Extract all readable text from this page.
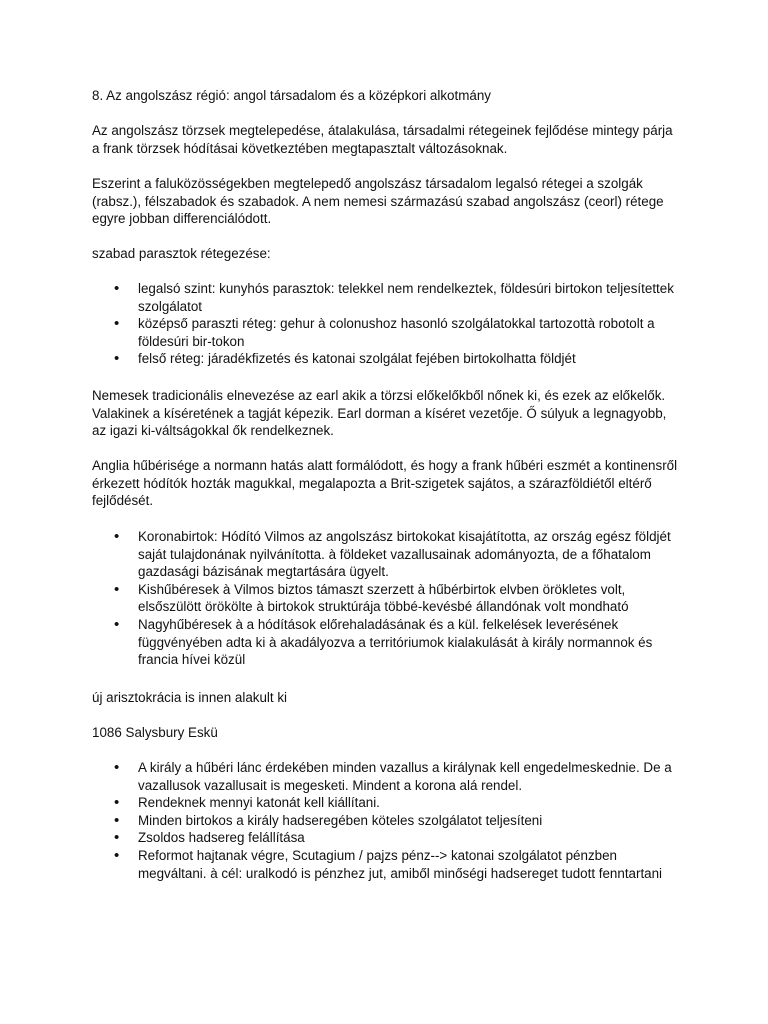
8. Az angolszász régió: angol társadalom és a középkori alkotmány

Az angolszász törzsek megtelepedése, átalakulása, társadalmi rétegeinek fejlődése mintegy párja a frank törzsek hódításai következtében megtapasztalt változásoknak.

Eszerint a faluközösségekben megtelepedő angolszász társadalom legalsó rétegei a szolgák (rabsz.), félszabadok és szabadok. A nem nemesi származású szabad angolszász (ceorl) rétege egyre jobban differenciálódott.

szabad parasztok rétegezése:

• legalsó szint: kunyhós parasztok: telekkel nem rendelkeztek, földesúri birtokon teljesítettek szolgálatot
• középső paraszti réteg: gehur à colonushoz hasonló szolgálatokkal tartozottà robotolt a földesúri bir-tokon
• felső réteg: járadékfizetés és katonai szolgálat fejében birtokolhatta földjét

Nemesek tradicionális elnevezése az earl akik a törzsi előkelőkből nőnek ki, és ezek az előkelők. Valakinek a kíséretének a tagját képezik. Earl dorman a kíséret vezetője. Ő súlyuk a legnagyobb, az igazi ki-váltságokkal ők rendelkeznek.

Anglia hűbérisége a normann hatás alatt formálódott, és hogy a frank hűbéri eszmét a kontinensről érkezett hódítók hozták magukkal, megalapozta a Brit-szigetek sajátos, a szárazföldiétől eltérő fejlődését.

• Koronabirtok: Hódító Vilmos az angolszász birtokokat kisajátította, az ország egész földjét saját tulajdonának nyilvánította. à földeket vazallusainak adományozta, de a főhatalom gazdasági bázisának megtartására ügyelt.
• Kishűbéresek à Vilmos biztos támaszt szerzett à hűbérbirtok elvben örökletes volt, elsőszülött örökölte à birtokok struktúrája többé-kevésbé állandónak volt mondható
• Nagyhűbéresek à a hódítások előrehaladásának és a kül. felkelések leverésének függvényében adta ki à akadályozva a territóriumok kialakulását à király normannok és francia hívei közül

új arisztokrácia is innen alakult ki

1086 Salysbury Eskü

• A király a hűbéri lánc érdekében minden vazallus a királynak kell engedelmeskednie. De a vazallusok vazallusait is megesketi. Mindent a korona alá rendel.
• Rendeknek mennyi katonát kell kiállítani.
• Minden birtokos a király hadseregében köteles szolgálatot teljesíteni
• Zsoldos hadsereg felállítása
• Reformot hajtanak végre, Scutagium / pajzs pénz--> katonai szolgálatot pénzben megváltani. à cél: uralkodó is pénzhez jut, amiből minőségi hadsereget tudott fenntartani
